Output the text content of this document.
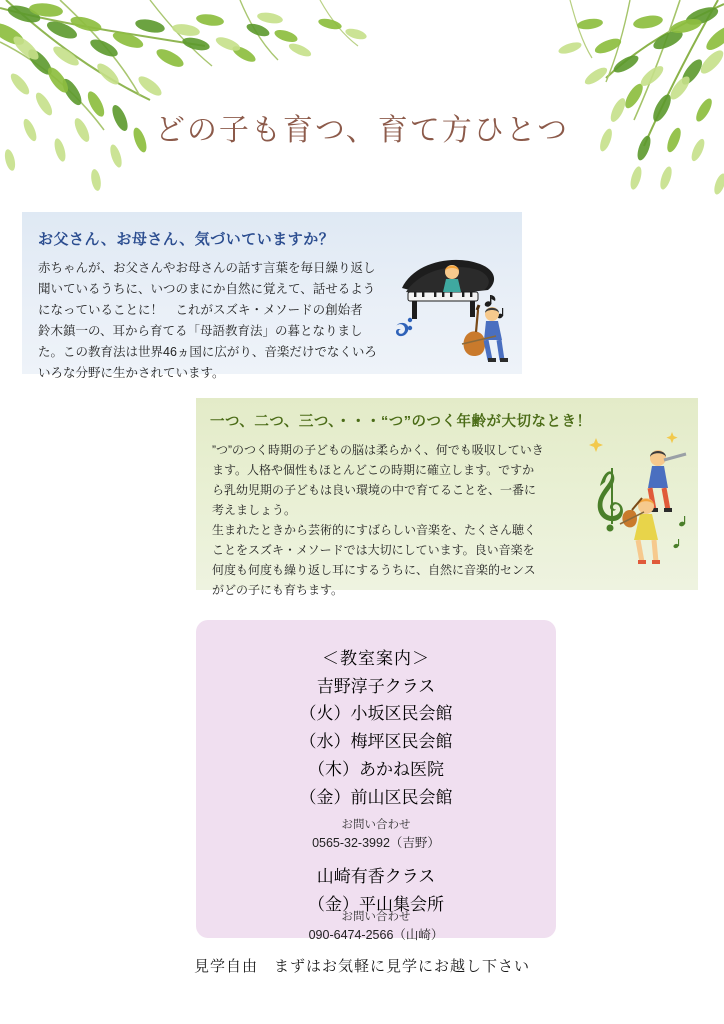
どの子も育つ、育て方ひとつ
お父さん、お母さん、気づいていますか？
赤ちゃんが、お父さんやお母さんの話す言葉を毎日繰り返し
聞いているうちに、いつのまにか自然に覚えて、話せるよう
になっていることに！　これがスズキ・メソードの創始者
鈴木鎮一の、耳から育てる「母語教育法」の暮となりまし
た。この教育法は世界46ヵ国に広がり、音楽だけでなくいろ
いろな分野に生かされています。
一つ、二つ、三つ、・・・“つ”のつく年齢が大切なとき！
”つ”のつく時期の子どもの脳は柔らかく、何でも吸収していき
ます。人格や個性もほとんどこの時期に確立します。ですか
ら乳幼児期の子どもは良い環境の中で育てることを、一番に
考えましょう。
生まれたときから芸術的にすばらしい音楽を、たくさん聴く
ことをスズキ・メソードでは大切にしています。良い音楽を
何度も何度も繰り返し耳にするうちに、自然に音楽的センス
がどの子にも育ちます。
＜教室案内＞
吉野淳子クラス
（火）小坂区民会館
（水）梅坪区民会館
（木）あかね医院
（金）前山区民会館
お問い合わせ
0565-32-3992（吉野）
山崎有香クラス
（金）平山集会所
お問い合わせ
090-6474-2566（山崎）
見学自由　まずはお気軽に見学にお越し下さい
